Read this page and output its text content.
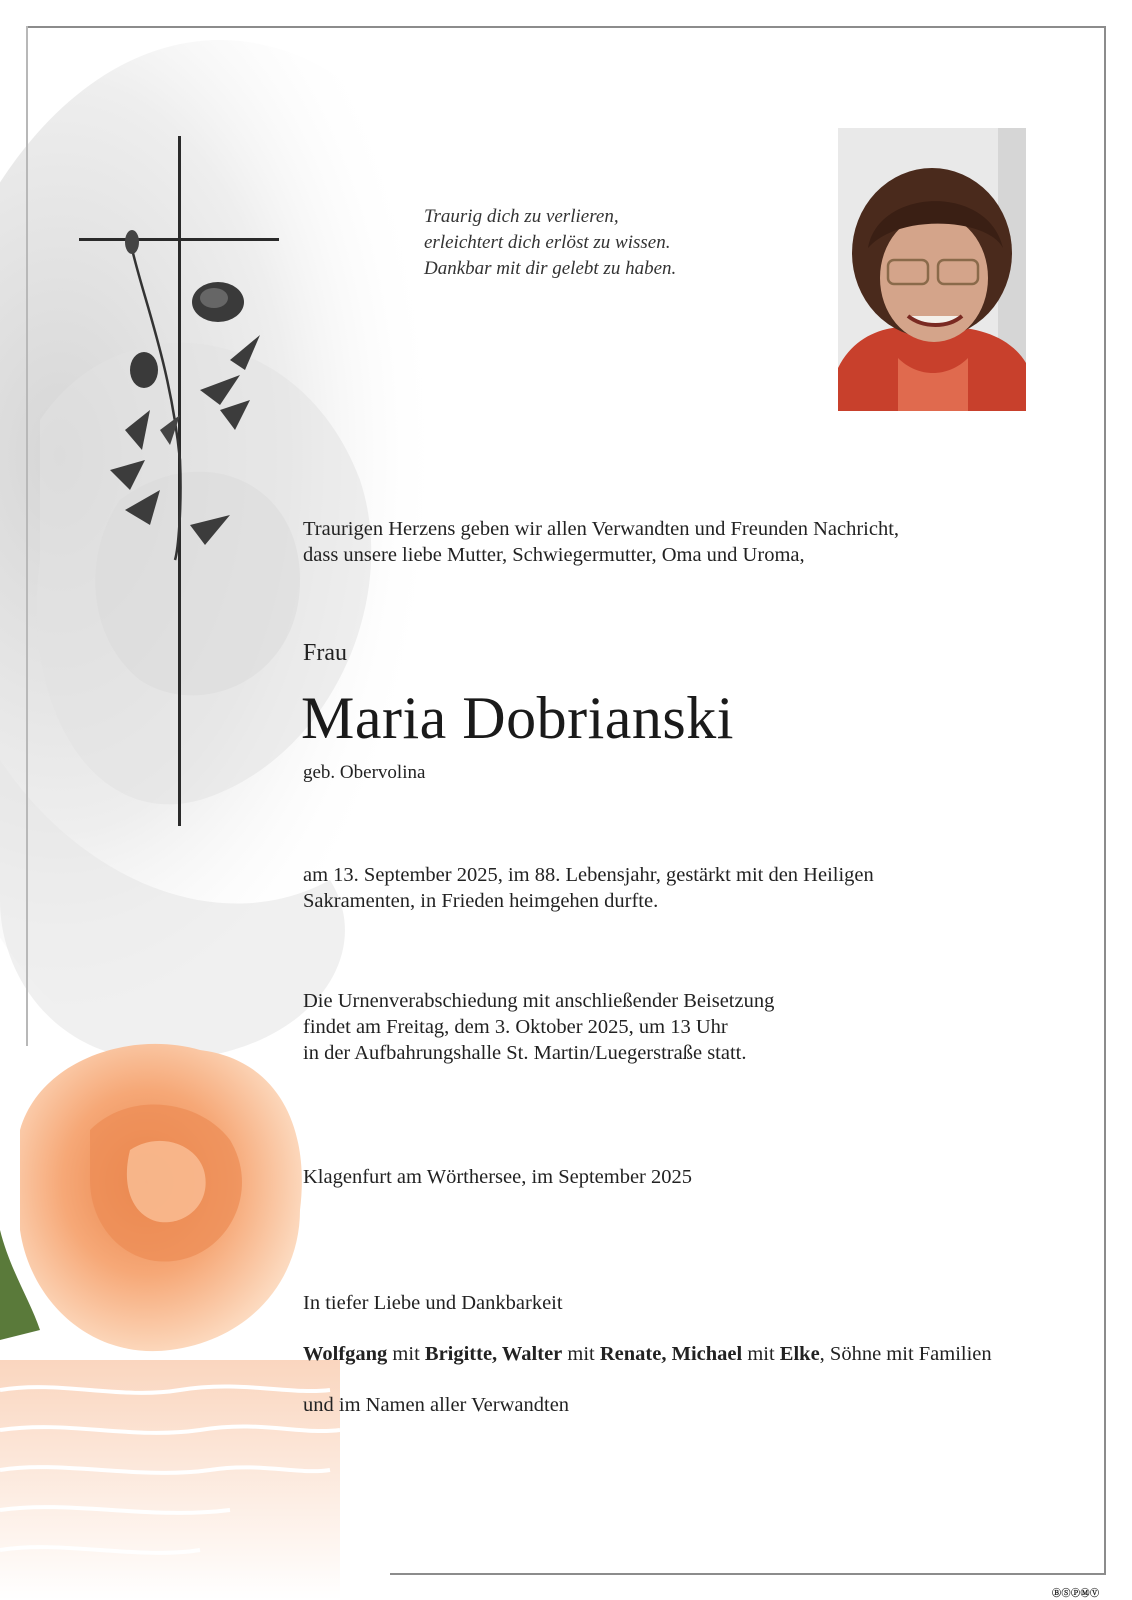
Traurig dich zu verlieren,
erleichtert dich erlöst zu wissen.
Dankbar mit dir gelebt zu haben.
Traurigen Herzens geben wir allen Verwandten und Freunden Nachricht,
dass unsere liebe Mutter, Schwiegermutter, Oma und Uroma,
Frau
Maria Dobrianski
geb. Obervolina
am 13. September 2025, im 88. Lebensjahr, gestärkt mit den Heiligen
Sakramenten, in Frieden heimgehen durfte.
Die Urnenverabschiedung mit anschließender Beisetzung
findet am Freitag, dem 3. Oktober 2025, um 13 Uhr
in der Aufbahrungshalle St. Martin/Luegerstraße statt.
Klagenfurt am Wörthersee, im September 2025
In tiefer Liebe und Dankbarkeit
Wolfgang mit Brigitte, Walter mit Renate, Michael mit Elke, Söhne mit Familien
und im Namen aller Verwandten
ⒷⓈⓅⓂⓋ
